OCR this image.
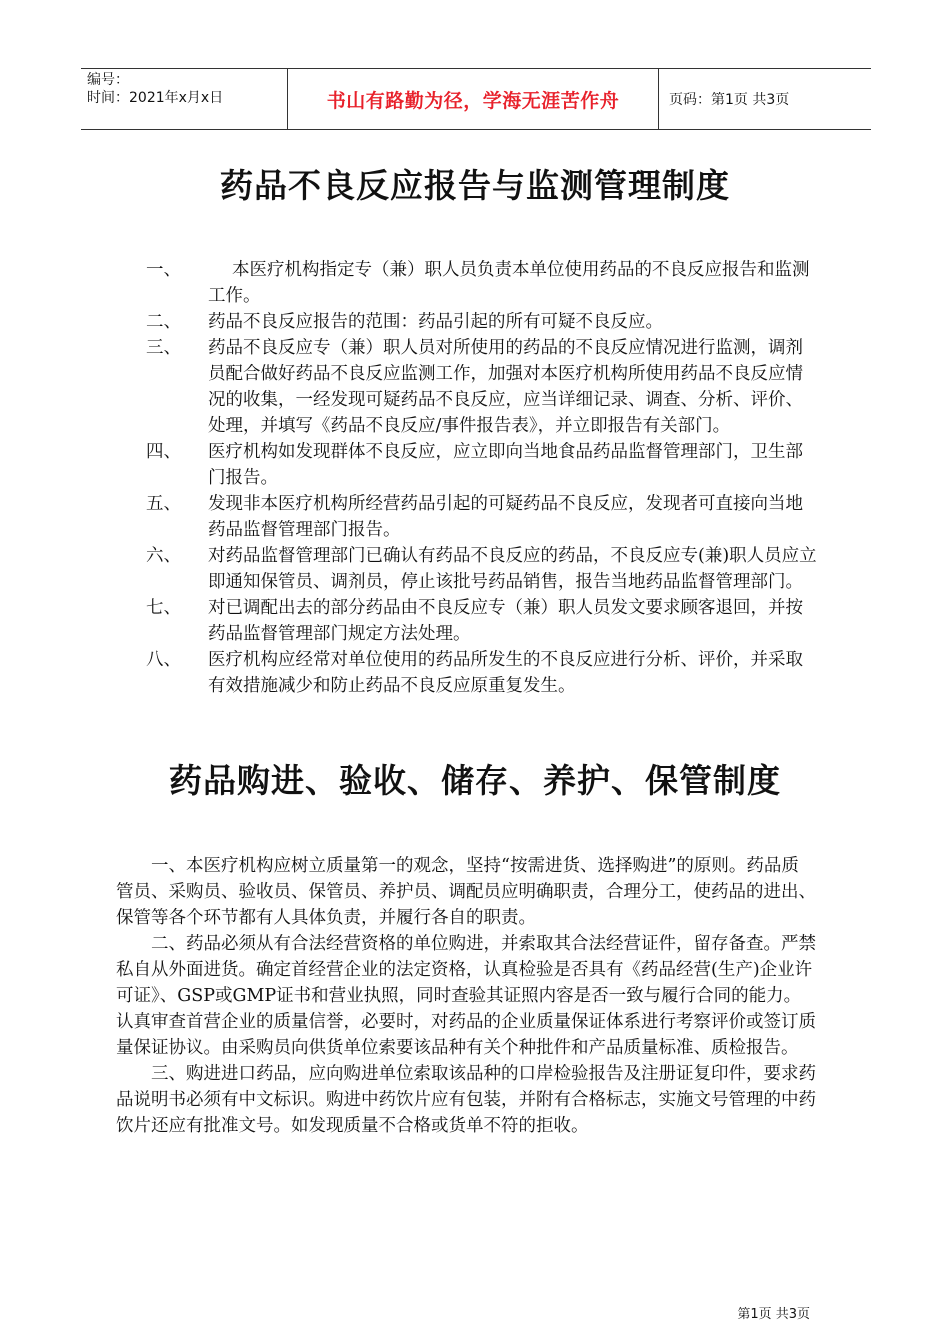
编号：
时间：2021年x月x日	书山有路勤为径，学海无涯苦作舟	页码：第1页 共3页
药品不良反应报告与监测管理制度
一、	本医疗机构指定专（兼）职人员负责本单位使用药品的不良反应报告和监测工作。
二、	药品不良反应报告的范围：药品引起的所有可疑不良反应。
三、	药品不良反应专（兼）职人员对所使用的药品的不良反应情况进行监测，调剂员配合做好药品不良反应监测工作，加强对本医疗机构所使用药品不良反应情况的收集，一经发现可疑药品不良反应，应当详细记录、调查、分析、评价、处理，并填写《药品不良反应/事件报告表》，并立即报告有关部门。
四、	医疗机构如发现群体不良反应，应立即向当地食品药品监督管理部门，卫生部门报告。
五、	发现非本医疗机构所经营药品引起的可疑药品不良反应，发现者可直接向当地药品监督管理部门报告。
六、	对药品监督管理部门已确认有药品不良反应的药品，不良反应专(兼)职人员应立即通知保管员、调剂员，停止该批号药品销售，报告当地药品监督管理部门。
七、	对已调配出去的部分药品由不良反应专（兼）职人员发文要求顾客退回，并按药品监督管理部门规定方法处理。
八、	医疗机构应经常对单位使用的药品所发生的不良反应进行分析、评价，并采取有效措施减少和防止药品不良反应原重复发生。
药品购进、验收、储存、养护、保管制度

一、本医疗机构应树立质量第一的观念，坚持“按需进货、选择购进”的原则。药品质管员、采购员、验收员、保管员、养护员、调配员应明确职责，合理分工，使药品的进出、保管等各个环节都有人具体负责，并履行各自的职责。

二、药品必须从有合法经营资格的单位购进，并索取其合法经营证件，留存备查。严禁私自从外面进货。确定首经营企业的法定资格，认真检验是否具有《药品经营(生产)企业许可证》、GSP或GMP证书和营业执照，同时查验其证照内容是否一致与履行合同的能力。认真审查首营企业的质量信誉，必要时，对药品的企业质量保证体系进行考察评价或签订质量保证协议。由采购员向供货单位索要该品种有关个种批件和产品质量标准、质检报告。

三、购进进口药品，应向购进单位索取该品种的口岸检验报告及注册证复印件，要求药品说明书必须有中文标识。购进中药饮片应有包装，并附有合格标志，实施文号管理的中药饮片还应有批准文号。如发现质量不合格或货单不符的拒收。

第1页 共3页
